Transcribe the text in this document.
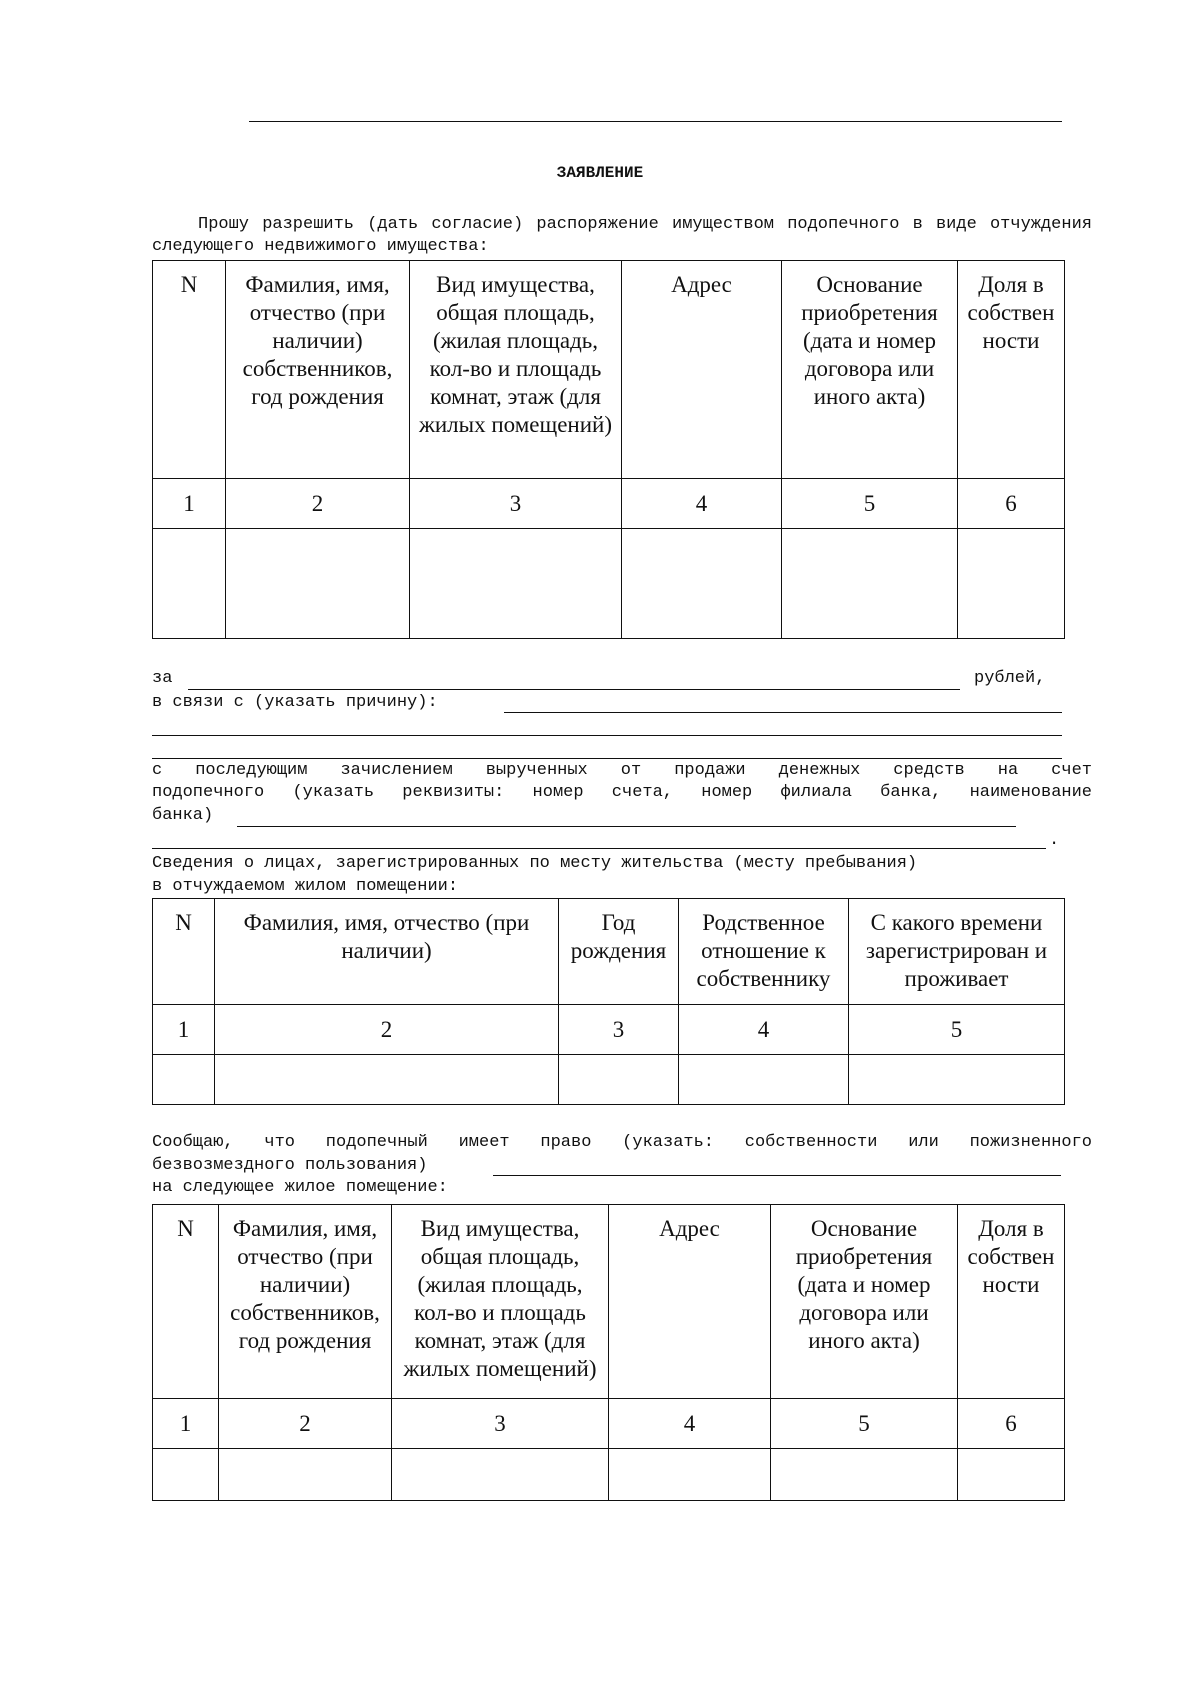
ЗАЯВЛЕНИЕ
Прошу разрешить (дать согласие) распоряжение имуществом подопечного в виде отчуждения следующего недвижимого имущества:
N	Фамилия, имя, отчество (при наличии) собственников, год рождения	Вид имущества, общая площадь, (жилая площадь, кол-во и площадь комнат, этаж (для жилых помещений)	Адрес	Основание приобретения (дата и номер договора или иного акта)	Доля в собствен ности
1	2	3	4	5	6

за	рублей,
в связи с (указать причину):
с последующим зачислением вырученных от продажи денежных средств на счет
подопечного (указать реквизиты: номер счета, номер филиала банка, наименование
банка)
.
Сведения о лицах, зарегистрированных по месту жительства (месту пребывания)
в отчуждаемом жилом помещении:
N	Фамилия, имя, отчество (при наличии)	Год рождения	Родственное отношение к собственнику	С какого времени зарегистрирован и проживает
1	2	3	4	5

Сообщаю, что подопечный имеет право (указать: собственности или пожизненного
безвозмездного пользования)
на следующее жилое помещение:
N	Фамилия, имя, отчество (при наличии) собственников, год рождения	Вид имущества, общая площадь, (жилая площадь, кол-во и площадь комнат, этаж (для жилых помещений)	Адрес	Основание приобретения (дата и номер договора или иного акта)	Доля в собствен ности
1	2	3	4	5	6
